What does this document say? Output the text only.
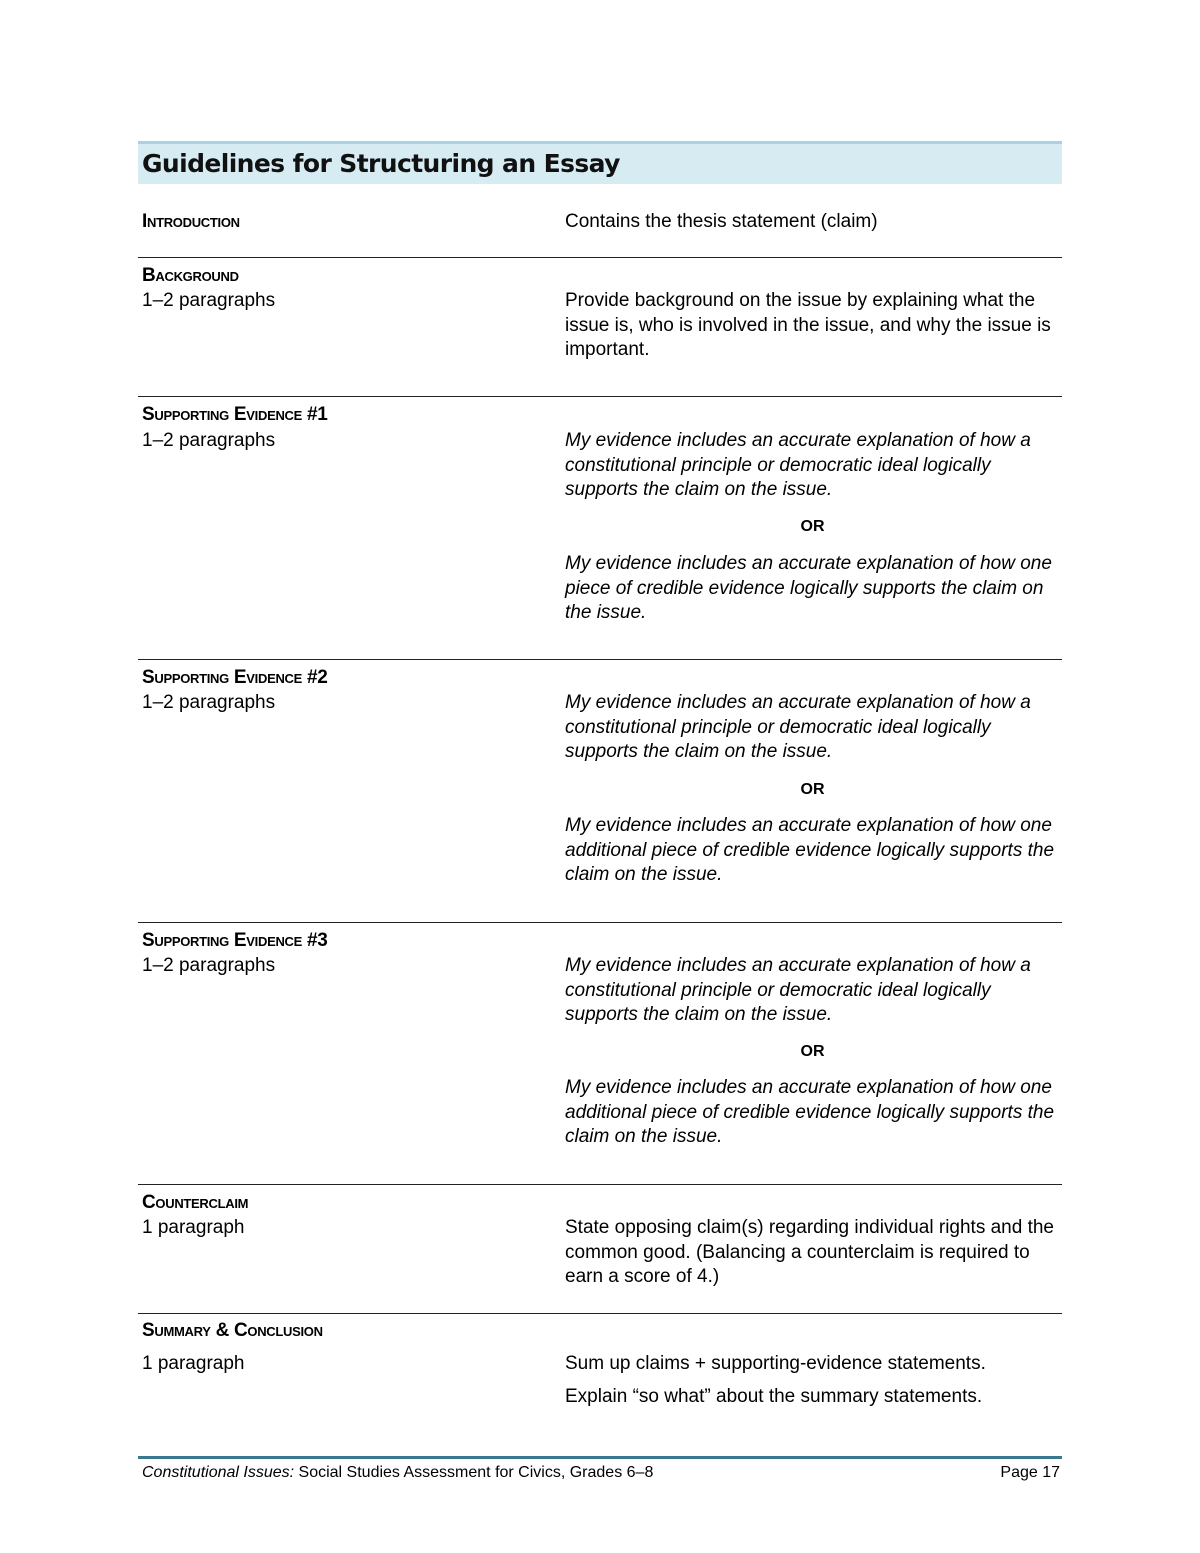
Guidelines for Structuring an Essay
Introduction	Contains the thesis statement (claim)
Background
1–2 paragraphs	Provide background on the issue by explaining what the issue is, who is involved in the issue, and why the issue is important.
Supporting Evidence #1
1–2 paragraphs	My evidence includes an accurate explanation of how a constitutional principle or democratic ideal logically supports the claim on the issue.
OR
My evidence includes an accurate explanation of how one piece of credible evidence logically supports the claim on the issue.
Supporting Evidence #2
1–2 paragraphs	My evidence includes an accurate explanation of how a constitutional principle or democratic ideal logically supports the claim on the issue.
OR
My evidence includes an accurate explanation of how one additional piece of credible evidence logically supports the claim on the issue.
Supporting Evidence #3
1–2 paragraphs	My evidence includes an accurate explanation of how a constitutional principle or democratic ideal logically supports the claim on the issue.
OR
My evidence includes an accurate explanation of how one additional piece of credible evidence logically supports the claim on the issue.
Counterclaim
1 paragraph	State opposing claim(s) regarding individual rights and the common good. (Balancing a counterclaim is required to earn a score of 4.)
Summary & Conclusion
1 paragraph	Sum up claims + supporting-evidence statements.
Explain “so what” about the summary statements.
Constitutional Issues: Social Studies Assessment for Civics, Grades 6–8	Page 17
